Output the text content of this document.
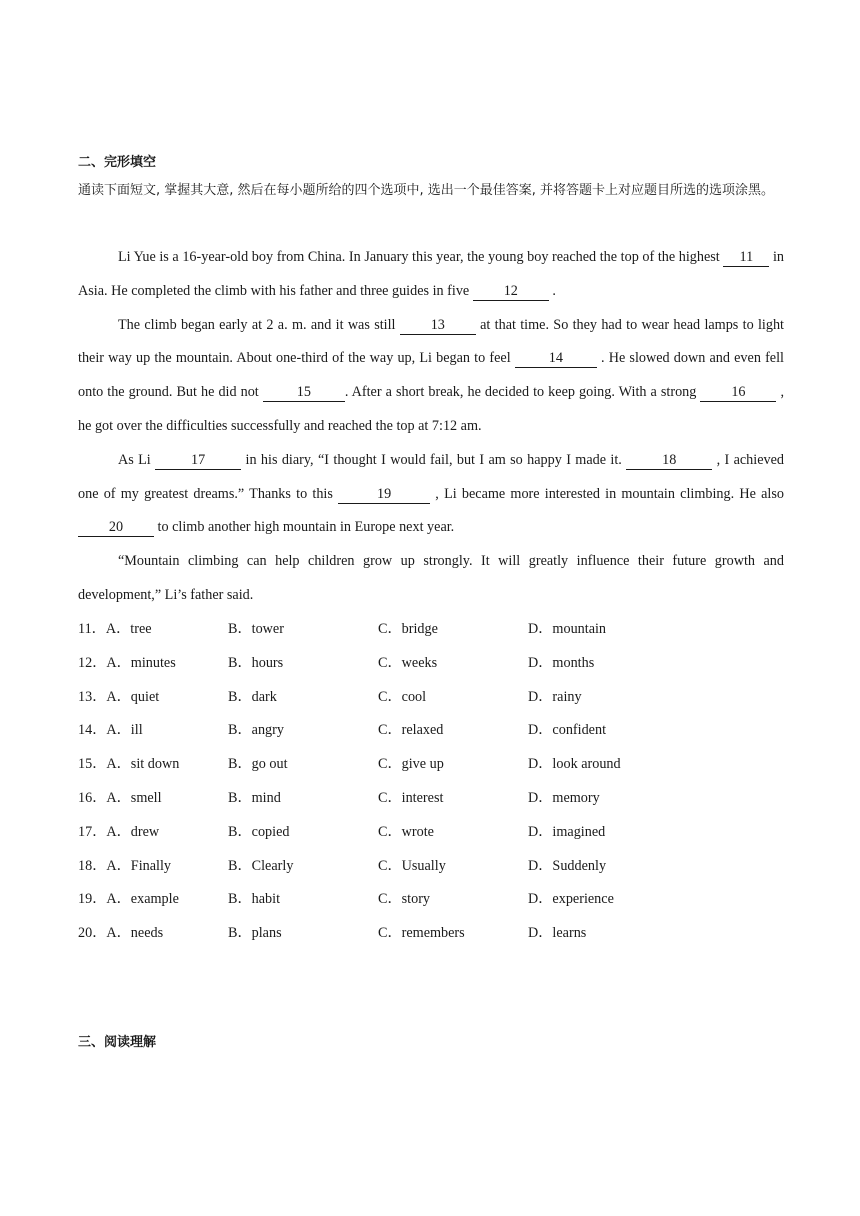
二、完形填空
通读下面短文, 掌握其大意, 然后在每小题所给的四个选项中, 选出一个最佳答案, 并将答题卡上对应题目所选的选项涂黑。

Li Yue is a 16-year-old boy from China. In January this year, the young boy reached the top of the highest 11 in Asia. He completed the climb with his father and three guides in five 12 .

The climb began early at 2 a. m. and it was still 13 at that time. So they had to wear head lamps to light their way up the mountain. About one-third of the way up, Li began to feel 14 . He slowed down and even fell onto the ground. But he did not 15 . After a short break, he decided to keep going. With a strong 16 , he got over the difficulties successfully and reached the top at 7:12 am.

As Li	17	in his diary, “I thought I would fail, but I am so happy I made it.	18	, I achieved one of my greatest dreams.” Thanks to this	19	, Li became more interested in mountain climbing. He also 20 to climb another high mountain in Europe next year.

“Mountain climbing can help children grow up strongly. It will greatly influence their future growth and development,” Li’s father said.

11．A．tree	B．tower	C．bridge	D．mountain
12．A．minutes	B．hours	C．weeks	D．months
13．A．quiet	B．dark	C．cool	D．rainy
14．A．ill	B．angry	C．relaxed	D．confident
15．A．sit down	B．go out	C．give up	D．look around
16．A．smell	B．mind	C．interest	D．memory
17．A．drew	B．copied	C．wrote	D．imagined
18．A．Finally	B．Clearly	C．Usually	D．Suddenly
19．A．example	B．habit	C．story	D．experience
20．A．needs	B．plans	C．remembers	D．learns
三、阅读理解
